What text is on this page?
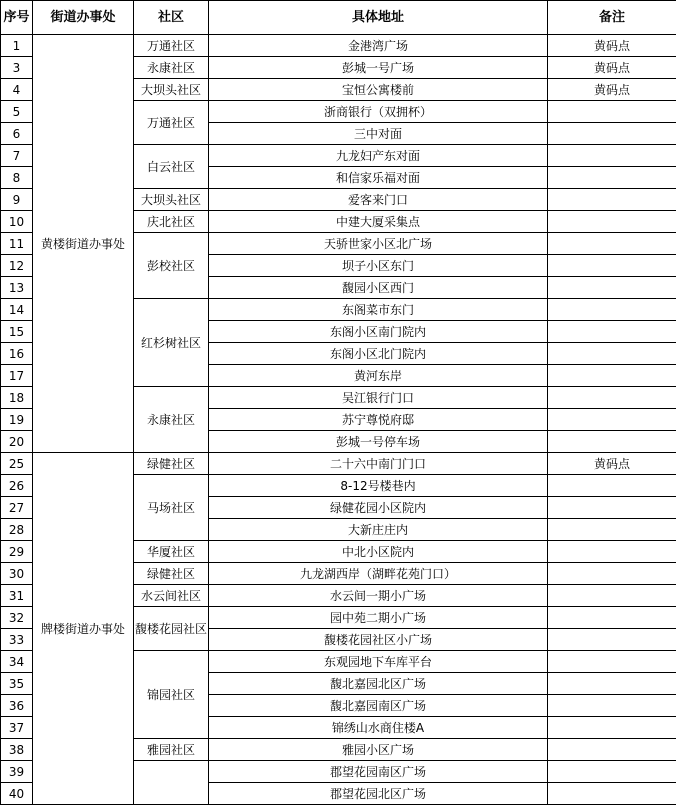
序号	街道办事处	社区	具体地址	备注
1	黄楼街道办事处	万通社区	金港湾广场	黄码点
3		永康社区	彭城一号广场	黄码点
4		大坝头社区	宝恒公寓楼前	黄码点
5		万通社区	浙商银行（双拥杯）	
6			三中对面	
7		白云社区	九龙妇产东对面	
8			和信家乐福对面	
9		大坝头社区	爱客来门口	
10		庆北社区	中建大厦采集点	
11		彭校社区	天骄世家小区北广场	
12			坝子小区东门	
13			馥园小区西门	
14		红杉树社区	东阁菜市东门	
15			东阁小区南门院内	
16			东阁小区北门院内	
17			黄河东岸	
18		永康社区	吴江银行门口	
19			苏宁尊悦府邸	
20			彭城一号停车场	
25	牌楼街道办事处	绿健社区	二十六中南门门口	黄码点
26		马场社区	8-12号楼巷内	
27			绿健花园小区院内	
28			大新庄庄内	
29		华厦社区	中北小区院内	
30		绿健社区	九龙湖西岸（湖畔花苑门口）	
31		水云间社区	水云间一期小广场	
32		馥楼花园社区	园中苑二期小广场	
33			馥楼花园社区小广场	
34		锦园社区	东观园地下车库平台	
35			馥北嘉园北区广场	
36			馥北嘉园南区广场	
37			锦绣山水商住楼A	
38		雅园社区	雅园小区广场	
39			郡望花园南区广场	
40			郡望花园北区广场	
